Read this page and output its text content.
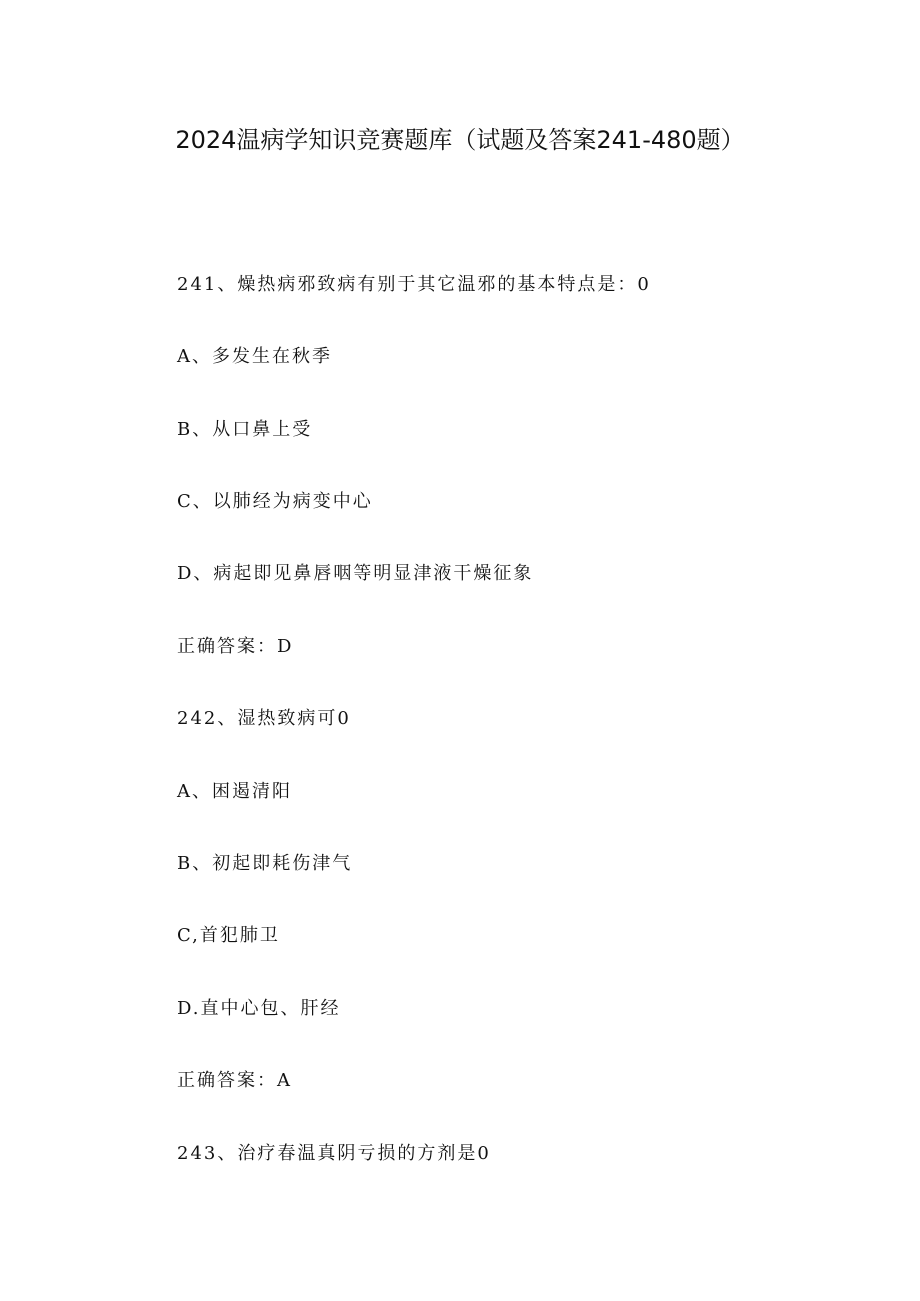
2024温病学知识竞赛题库（试题及答案241-480题）
241、燥热病邪致病有别于其它温邪的基本特点是：0
A、多发生在秋季
B、从口鼻上受
C、以肺经为病变中心
D、病起即见鼻唇咽等明显津液干燥征象
正确答案：D
242、湿热致病可0
A、困遏清阳
B、初起即耗伤津气
C,首犯肺卫
D.直中心包、肝经
正确答案：A
243、治疗春温真阴亏损的方剂是0
